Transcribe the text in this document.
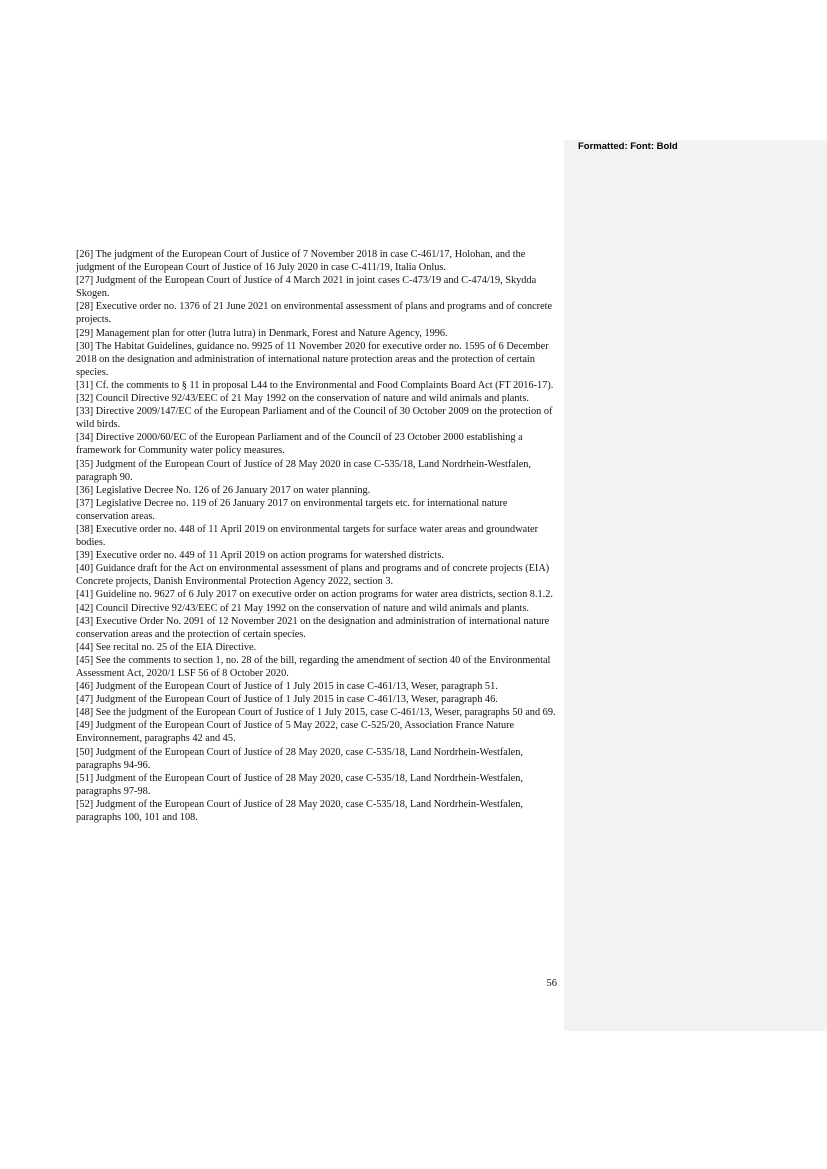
Formatted: Font: Bold
[26] The judgment of the European Court of Justice of 7 November 2018 in case C-461/17, Holohan, and the judgment of the European Court of Justice of 16 July 2020 in case C-411/19, Italia Onlus.
[27] Judgment of the European Court of Justice of 4 March 2021 in joint cases C-473/19 and C-474/19, Skydda Skogen.
[28] Executive order no. 1376 of 21 June 2021 on environmental assessment of plans and programs and of concrete projects.
[29] Management plan for otter (lutra lutra) in Denmark, Forest and Nature Agency, 1996.
[30] The Habitat Guidelines, guidance no. 9925 of 11 November 2020 for executive order no. 1595 of 6 December 2018 on the designation and administration of international nature protection areas and the protection of certain species.
[31] Cf. the comments to § 11 in proposal L44 to the Environmental and Food Complaints Board Act (FT 2016-17).
[32] Council Directive 92/43/EEC of 21 May 1992 on the conservation of nature and wild animals and plants.
[33] Directive 2009/147/EC of the European Parliament and of the Council of 30 October 2009 on the protection of wild birds.
[34] Directive 2000/60/EC of the European Parliament and of the Council of 23 October 2000 establishing a framework for Community water policy measures.
[35] Judgment of the European Court of Justice of 28 May 2020 in case C-535/18, Land Nordrhein-Westfalen, paragraph 90.
[36] Legislative Decree No. 126 of 26 January 2017 on water planning.
[37] Legislative Decree no. 119 of 26 January 2017 on environmental targets etc. for international nature conservation areas.
[38] Executive order no. 448 of 11 April 2019 on environmental targets for surface water areas and groundwater bodies.
[39] Executive order no. 449 of 11 April 2019 on action programs for watershed districts.
[40] Guidance draft for the Act on environmental assessment of plans and programs and of concrete projects (EIA) Concrete projects, Danish Environmental Protection Agency 2022, section 3.
[41] Guideline no. 9627 of 6 July 2017 on executive order on action programs for water area districts, section 8.1.2.
[42] Council Directive 92/43/EEC of 21 May 1992 on the conservation of nature and wild animals and plants.
[43] Executive Order No. 2091 of 12 November 2021 on the designation and administration of international nature conservation areas and the protection of certain species.
[44] See recital no. 25 of the EIA Directive.
[45] See the comments to section 1, no. 28 of the bill, regarding the amendment of section 40 of the Environmental Assessment Act, 2020/1 LSF 56 of 8 October 2020.
[46] Judgment of the European Court of Justice of 1 July 2015 in case C-461/13, Weser, paragraph 51.
[47] Judgment of the European Court of Justice of 1 July 2015 in case C-461/13, Weser, paragraph 46.
[48] See the judgment of the European Court of Justice of 1 July 2015, case C-461/13, Weser, paragraphs 50 and 69.
[49] Judgment of the European Court of Justice of 5 May 2022, case C-525/20, Association France Nature Environnement, paragraphs 42 and 45.
[50] Judgment of the European Court of Justice of 28 May 2020, case C-535/18, Land Nordrhein-Westfalen, paragraphs 94-96.
[51] Judgment of the European Court of Justice of 28 May 2020, case C-535/18, Land Nordrhein-Westfalen, paragraphs 97-98.
[52] Judgment of the European Court of Justice of 28 May 2020, case C-535/18, Land Nordrhein-Westfalen, paragraphs 100, 101 and 108.
56
